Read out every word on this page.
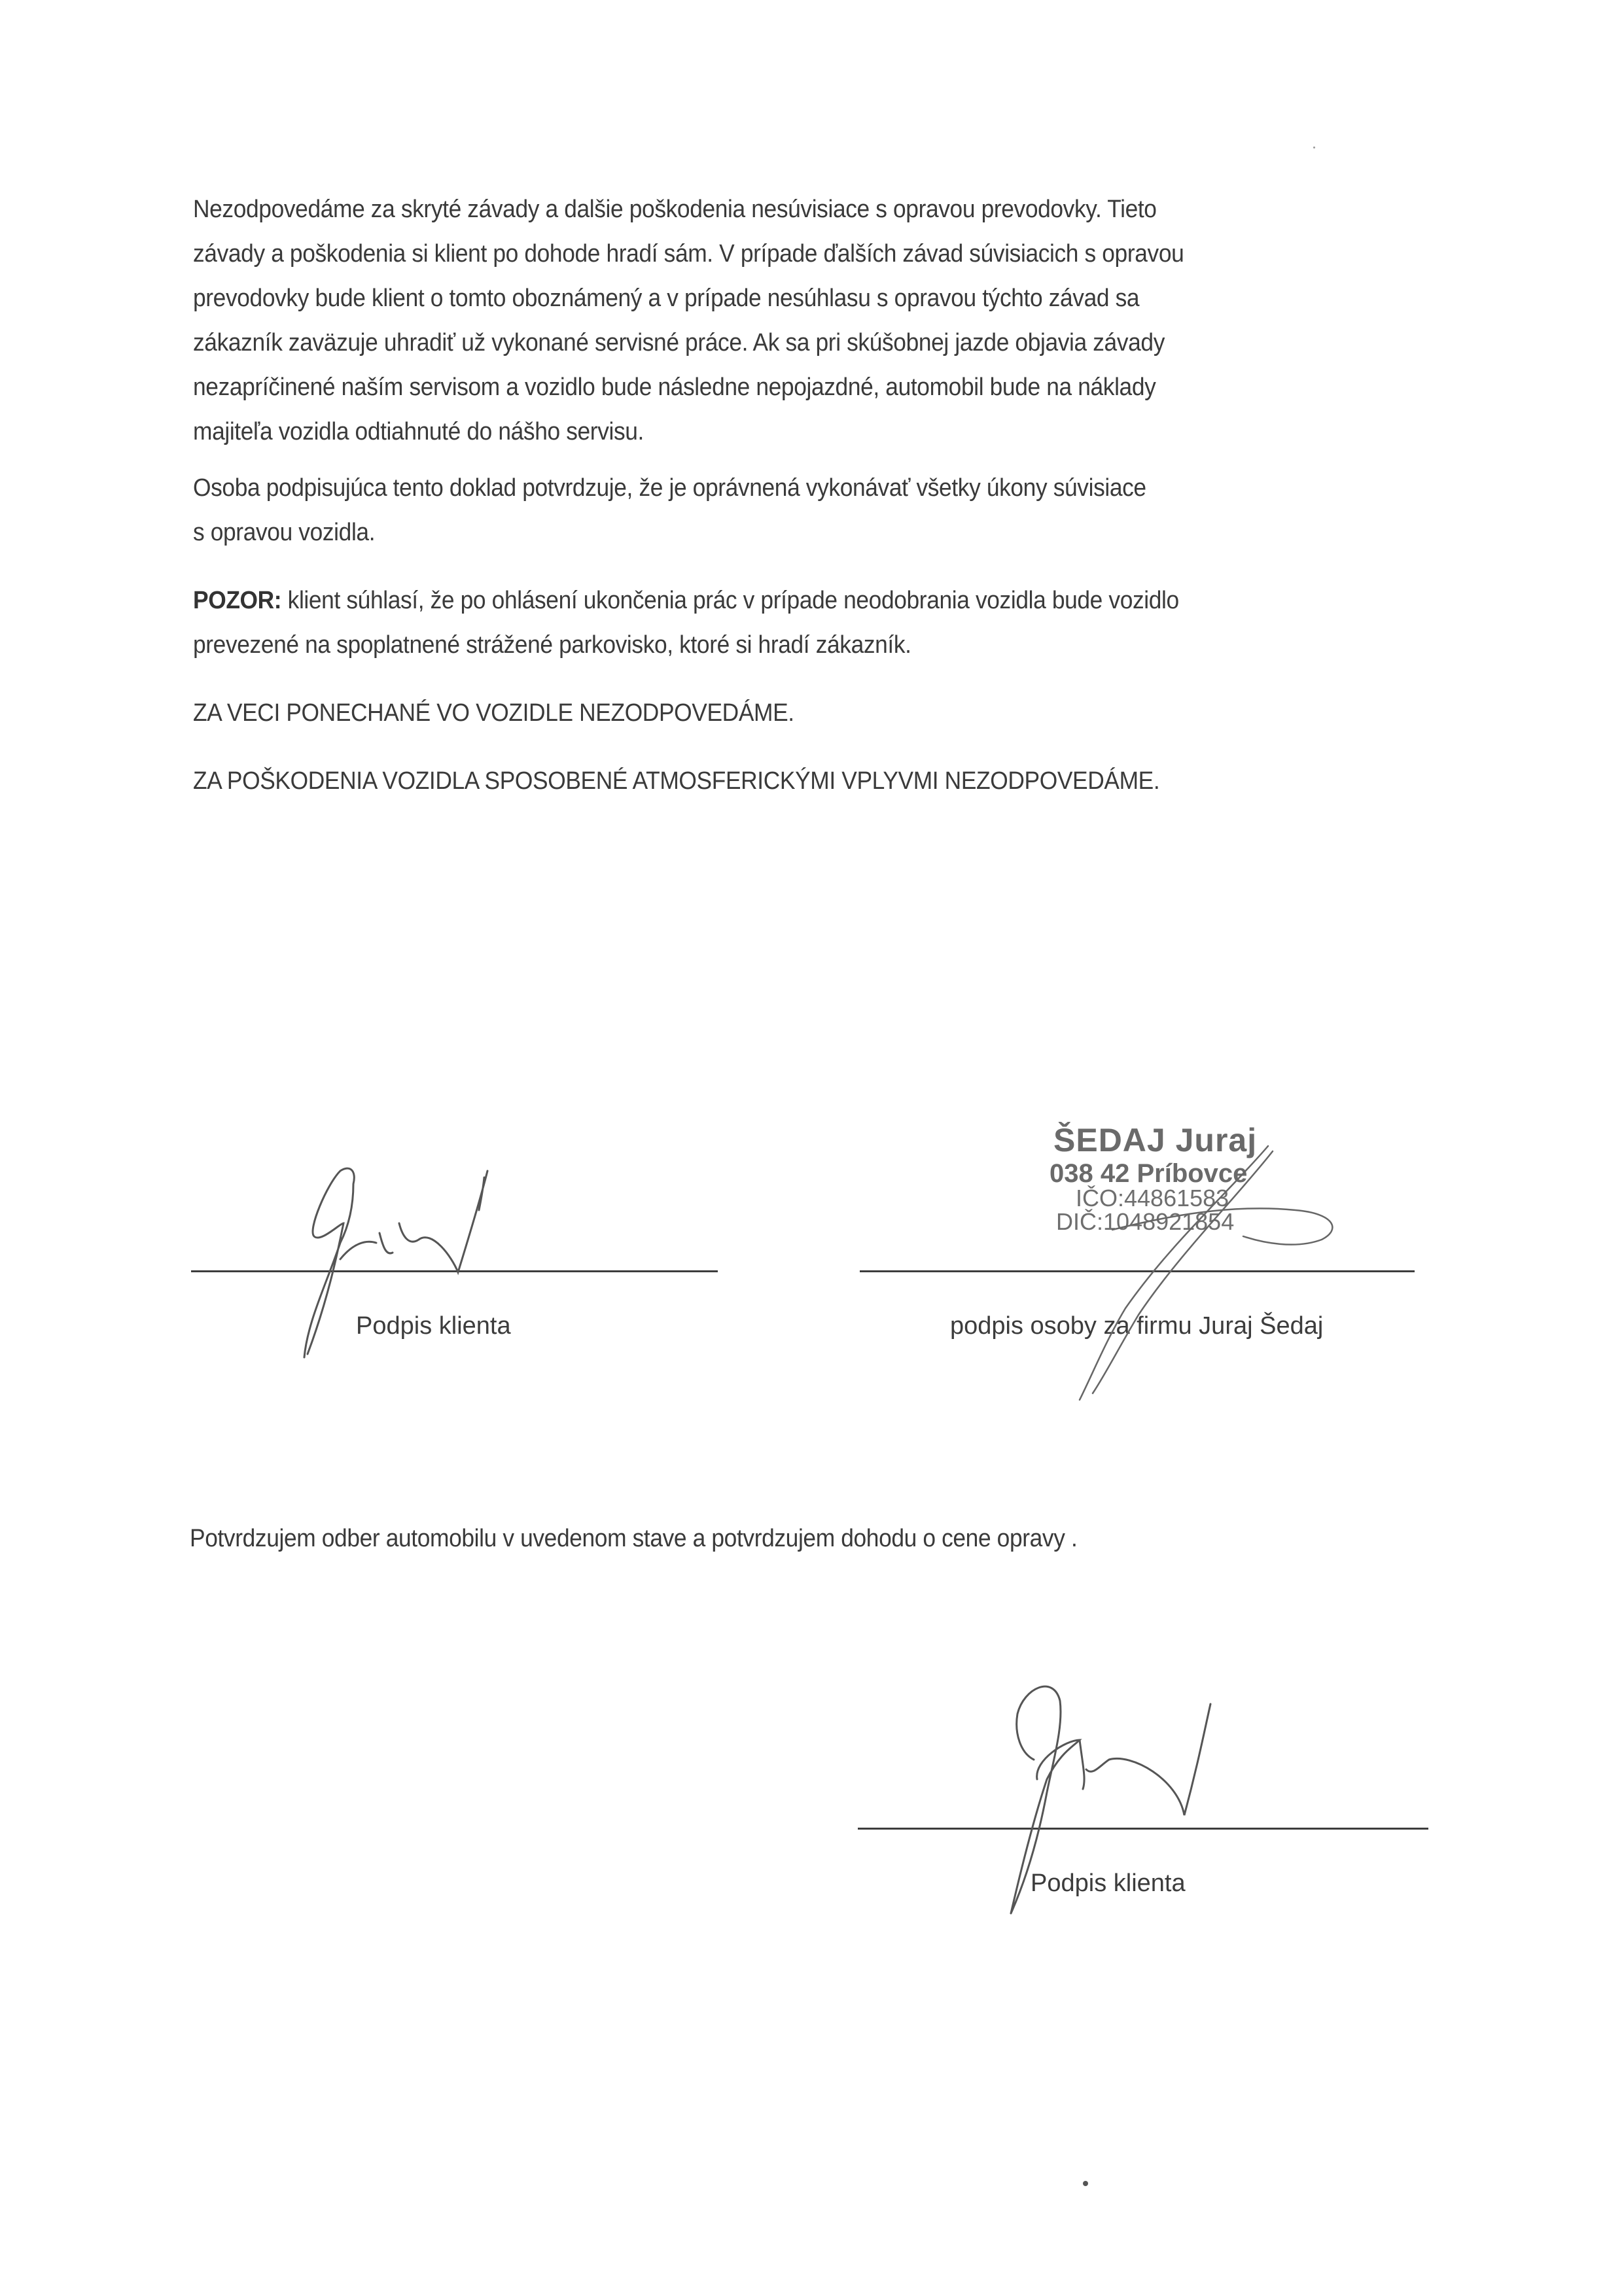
Nezodpovedáme za skryté závady a dalšie poškodenia nesúvisiace s opravou prevodovky. Tieto
závady a poškodenia si klient po dohode hradí sám. V prípade ďalších závad súvisiacich s opravou
prevodovky bude klient o tomto oboznámený a v prípade nesúhlasu s opravou týchto závad sa
zákazník zaväzuje uhradiť už vykonané servisné práce. Ak sa pri skúšobnej jazde objavia závady
nezapríčinené naším servisom a vozidlo bude následne nepojazdné, automobil bude na náklady
majiteľa vozidla odtiahnuté do nášho servisu.
Osoba podpisujúca tento doklad potvrdzuje, že je oprávnená vykonávať všetky úkony súvisiace
s opravou vozidla.
POZOR: klient súhlasí, že po ohlásení ukončenia prác v prípade neodobrania vozidla bude vozidlo
prevezené na spoplatnené strážené parkovisko, ktoré si hradí zákazník.
ZA VECI PONECHANÉ VO VOZIDLE NEZODPOVEDÁME.
ZA POŠKODENIA VOZIDLA SPOSOBENÉ ATMOSFERICKÝMI VPLYVMI NEZODPOVEDÁME.
ŠEDAJ Juraj
038 42 Príbovce
IČO:44861583
DIČ:1048921854
Podpis klienta	podpis osoby za firmu Juraj Šedaj
Potvrdzujem odber automobilu v uvedenom stave a potvrdzujem dohodu o cene opravy .
Podpis klienta
